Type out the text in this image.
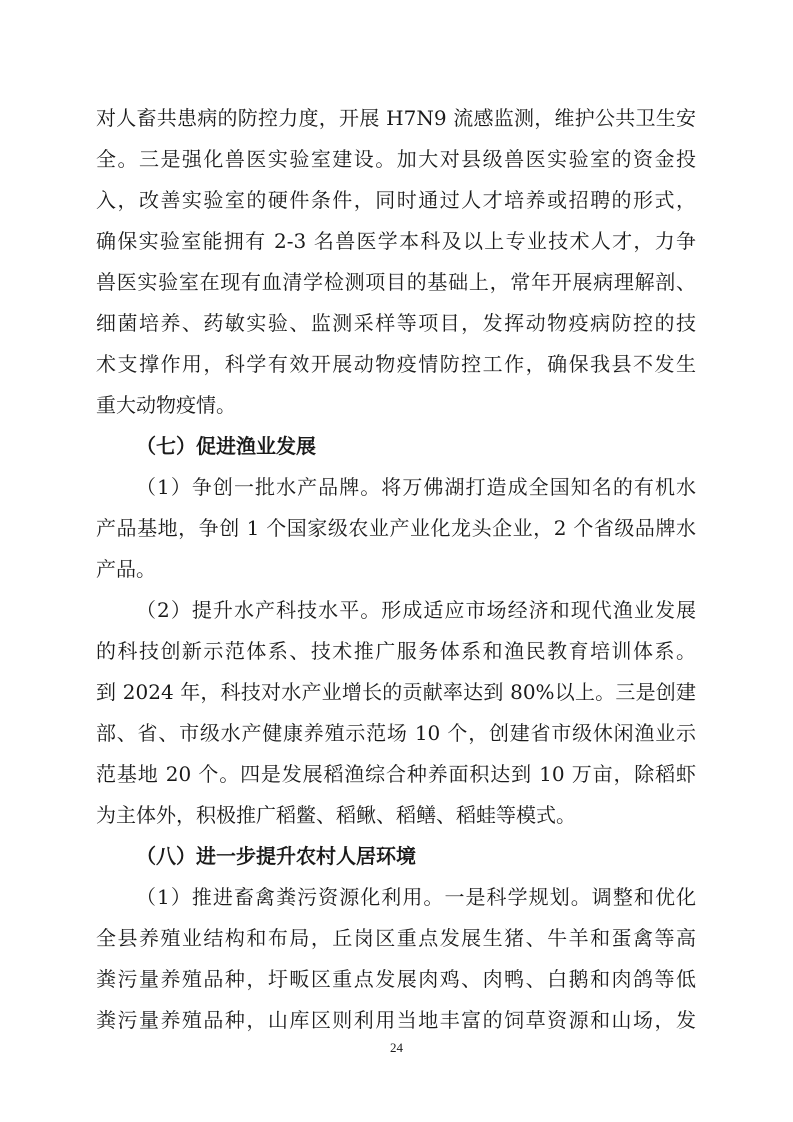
对人畜共患病的防控力度，开展 H7N9 流感监测，维护公共卫生安
全。三是强化兽医实验室建设。加大对县级兽医实验室的资金投
入，改善实验室的硬件条件，同时通过人才培养或招聘的形式，
确保实验室能拥有 2-3 名兽医学本科及以上专业技术人才，力争
兽医实验室在现有血清学检测项目的基础上，常年开展病理解剖、
细菌培养、药敏实验、监测采样等项目，发挥动物疫病防控的技
术支撑作用，科学有效开展动物疫情防控工作，确保我县不发生
重大动物疫情。
（七）促进渔业发展
（1）争创一批水产品牌。将万佛湖打造成全国知名的有机水
产品基地，争创 1 个国家级农业产业化龙头企业，2 个省级品牌水
产品。
（2）提升水产科技水平。形成适应市场经济和现代渔业发展
的科技创新示范体系、技术推广服务体系和渔民教育培训体系。
到 2024 年，科技对水产业增长的贡献率达到 80%以上。三是创建
部、省、市级水产健康养殖示范场 10 个，创建省市级休闲渔业示
范基地 20 个。四是发展稻渔综合种养面积达到 10 万亩，除稻虾
为主体外，积极推广稻鳖、稻鳅、稻鳝、稻蛙等模式。
（八）进一步提升农村人居环境
（1）推进畜禽粪污资源化利用。一是科学规划。调整和优化
全县养殖业结构和布局，丘岗区重点发展生猪、牛羊和蛋禽等高
粪污量养殖品种，圩畈区重点发展肉鸡、肉鸭、白鹅和肉鸽等低
粪污量养殖品种，山库区则利用当地丰富的饲草资源和山场，发
24
